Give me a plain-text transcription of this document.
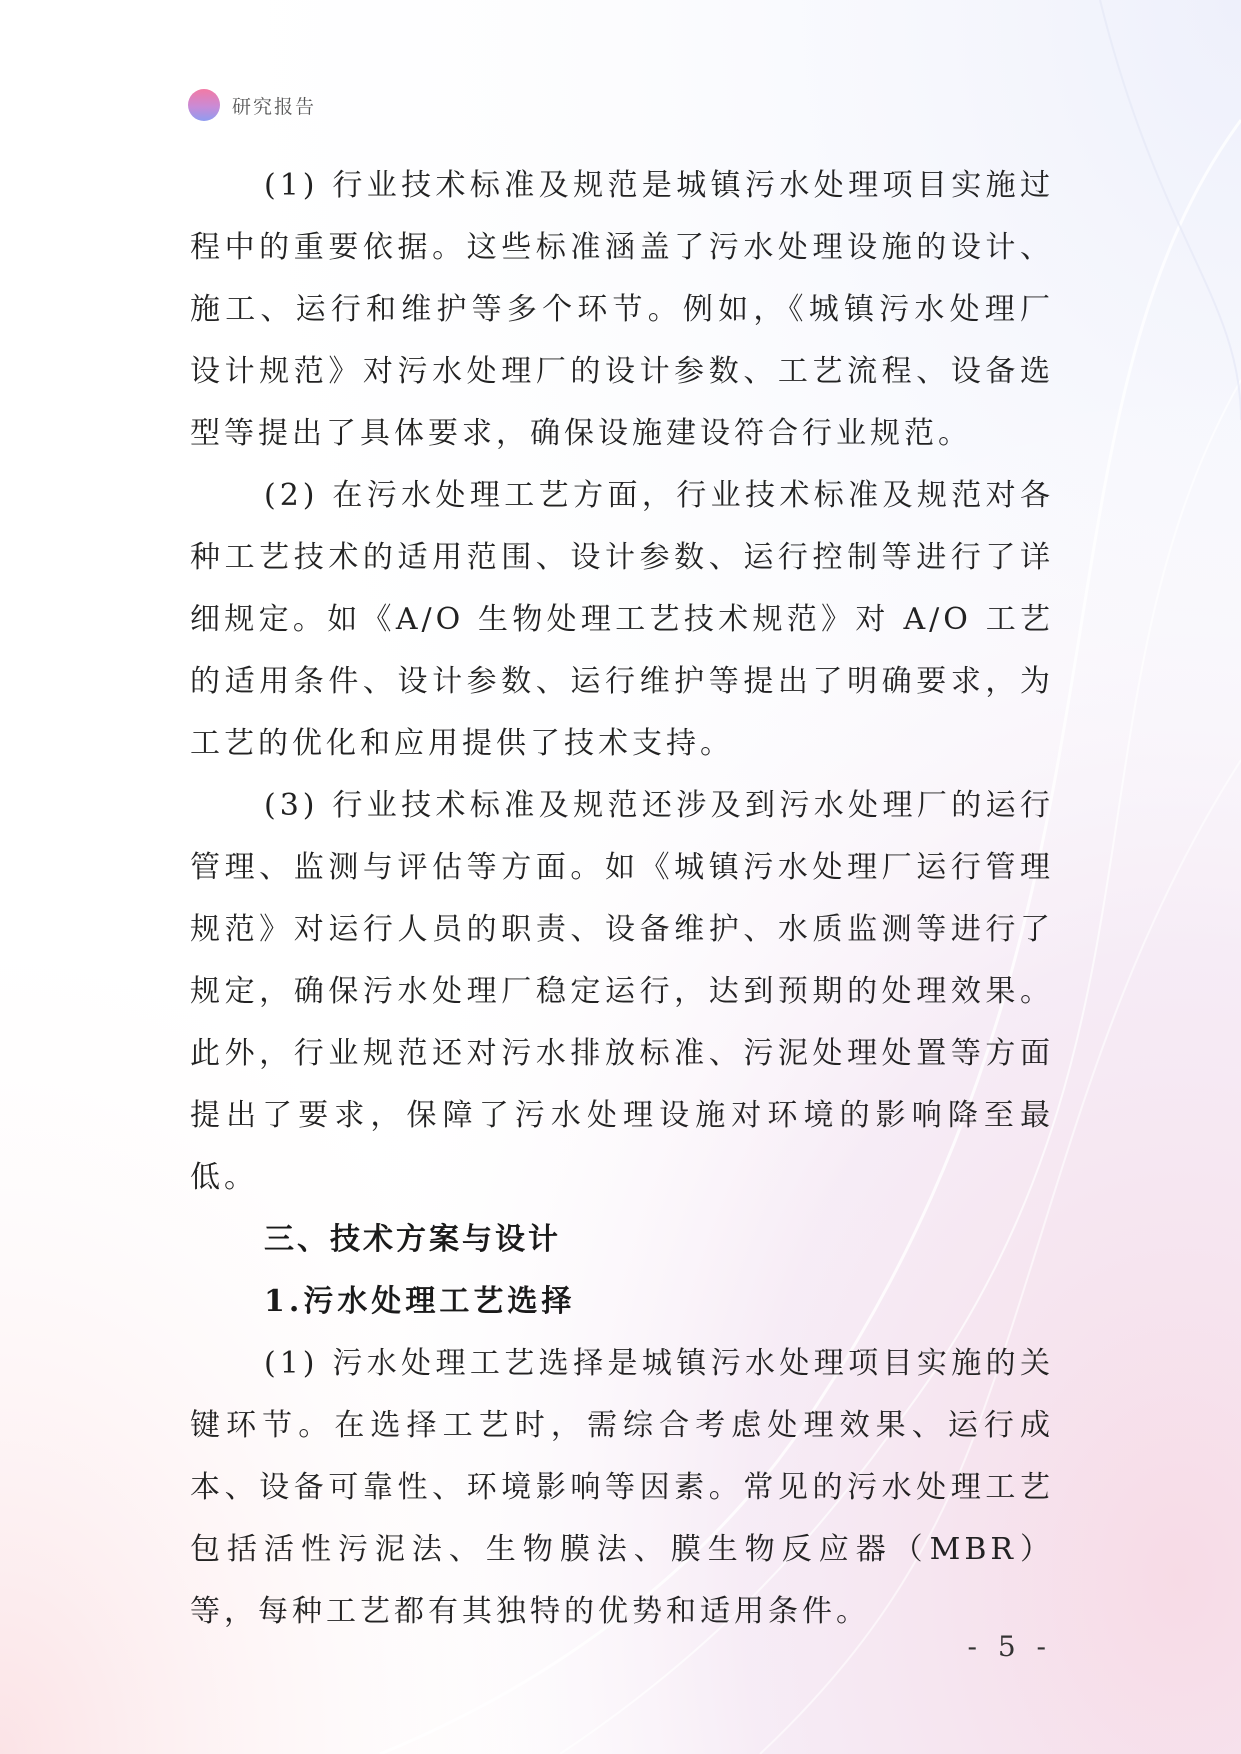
研究报告

(1) 行业技术标准及规范是城镇污水处理项目实施过程中的重要依据。这些标准涵盖了污水处理设施的设计、施工、运行和维护等多个环节。例如，《城镇污水处理厂设计规范》对污水处理厂的设计参数、工艺流程、设备选型等提出了具体要求，确保设施建设符合行业规范。

(2) 在污水处理工艺方面，行业技术标准及规范对各种工艺技术的适用范围、设计参数、运行控制等进行了详细规定。如《A/O 生物处理工艺技术规范》对 A/O 工艺的适用条件、设计参数、运行维护等提出了明确要求，为工艺的优化和应用提供了技术支持。

(3) 行业技术标准及规范还涉及到污水处理厂的运行管理、监测与评估等方面。如《城镇污水处理厂运行管理规范》对运行人员的职责、设备维护、水质监测等进行了规定，确保污水处理厂稳定运行，达到预期的处理效果。此外，行业规范还对污水排放标准、污泥处理处置等方面提出了要求，保障了污水处理设施对环境的影响降至最低。

三、技术方案与设计
1.污水处理工艺选择

(1) 污水处理工艺选择是城镇污水处理项目实施的关键环节。在选择工艺时，需综合考虑处理效果、运行成本、设备可靠性、环境影响等因素。常见的污水处理工艺包括活性污泥法、生物膜法、膜生物反应器（MBR）等，每种工艺都有其独特的优势和适用条件。

- 5 -
